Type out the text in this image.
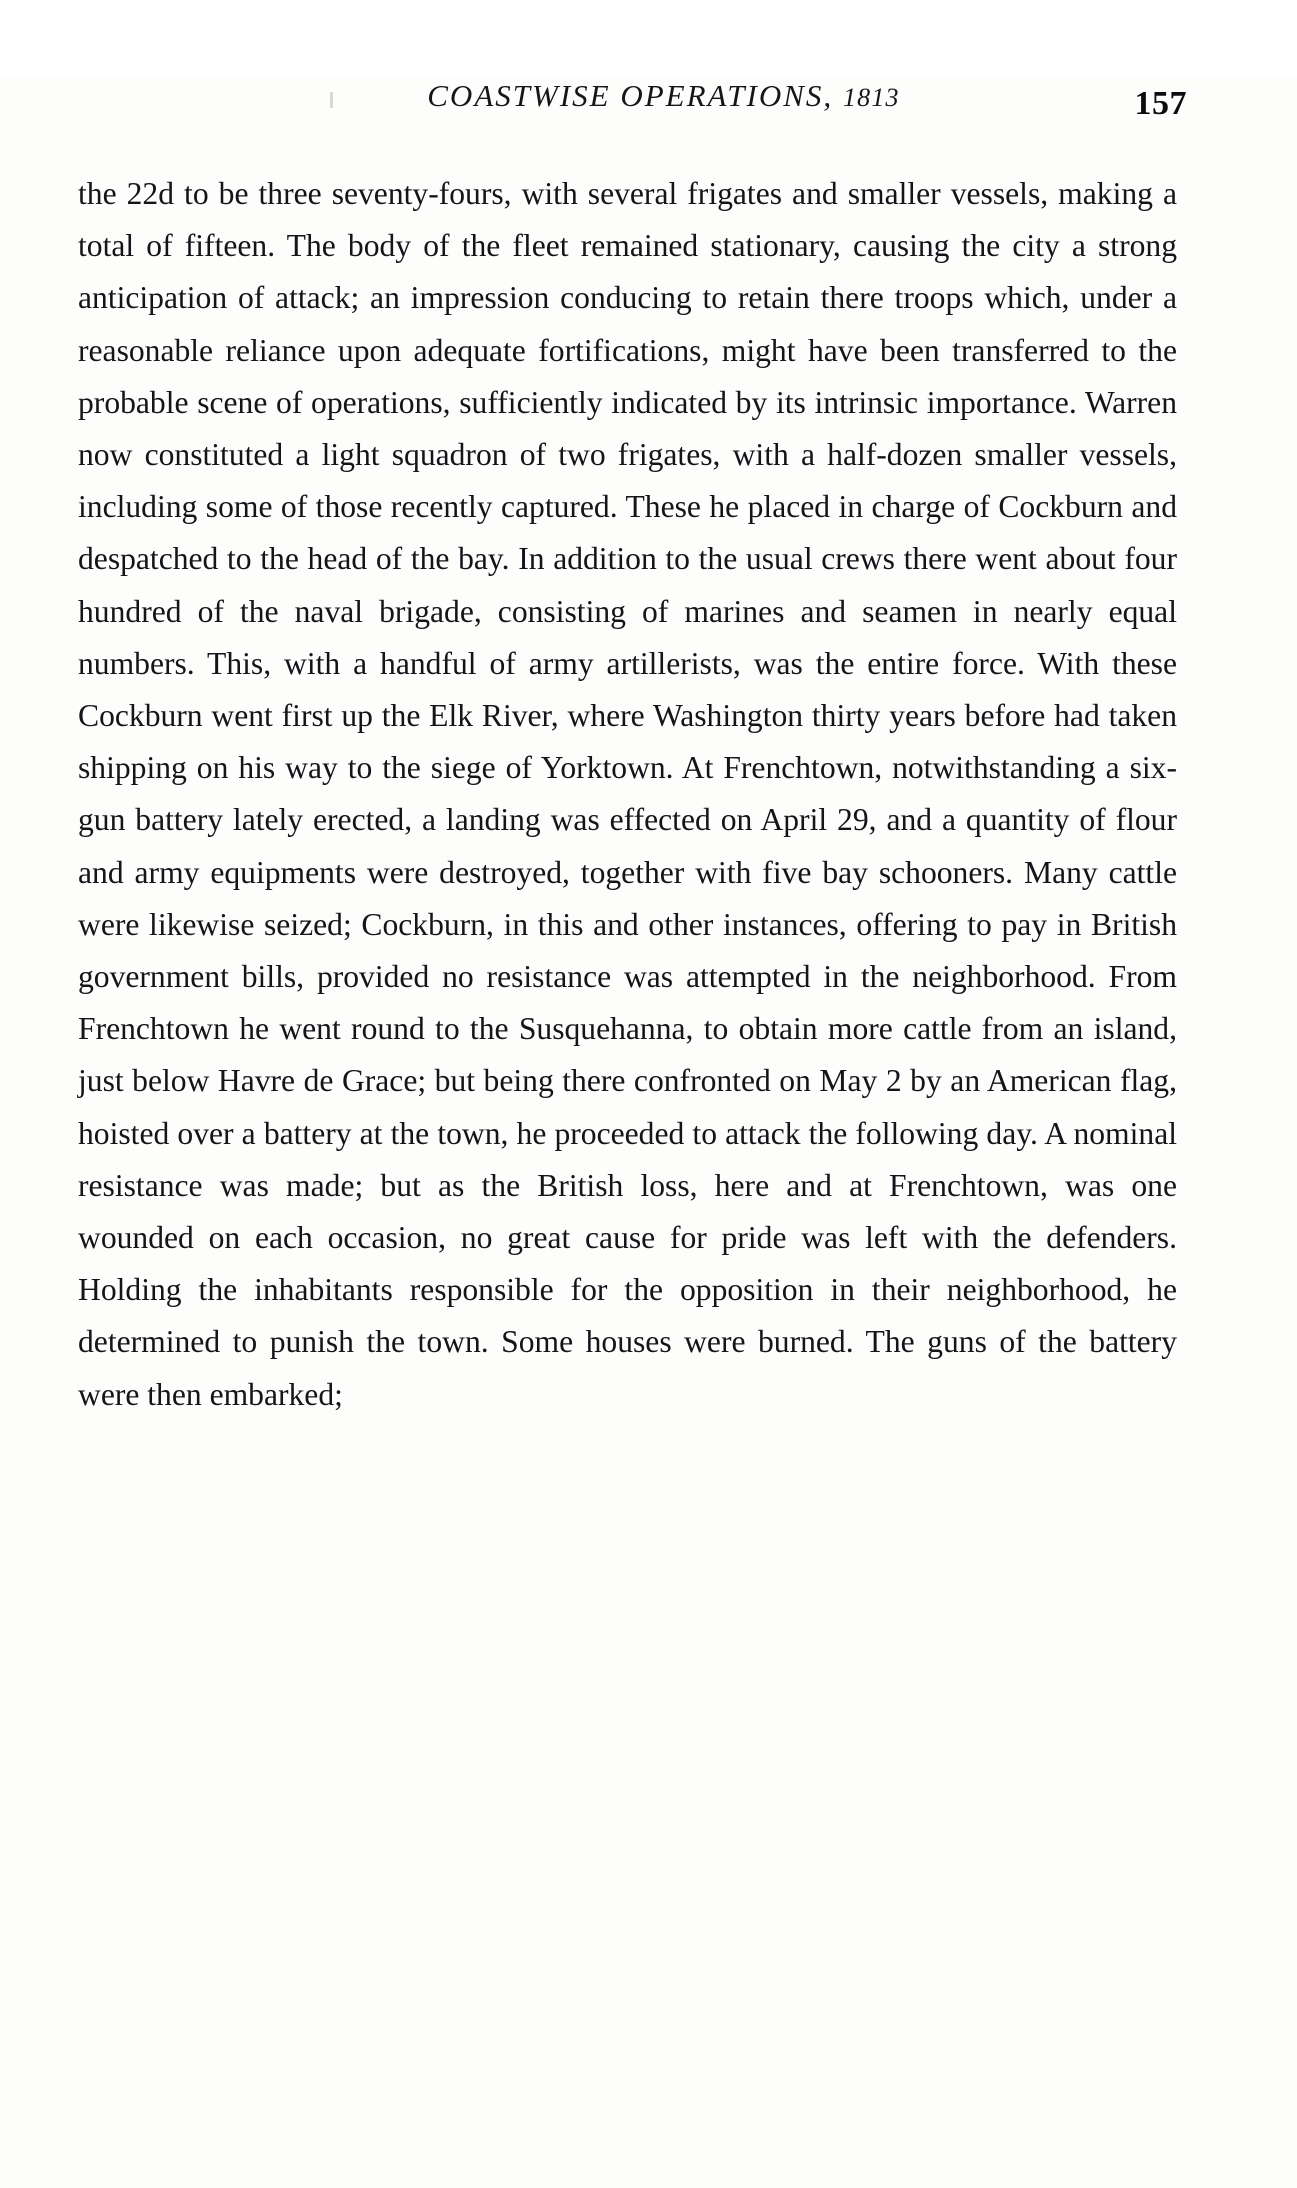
COASTWISE OPERATIONS, 1813	157

the 22d to be three seventy-fours, with several frigates and smaller vessels, making a total of fifteen. The body of the fleet remained stationary, causing the city a strong anticipation of attack; an impression conducing to retain there troops which, under a reasonable reliance upon adequate fortifications, might have been transferred to the probable scene of operations, sufficiently indicated by its intrinsic importance. Warren now constituted a light squadron of two frigates, with a half-dozen smaller vessels, including some of those recently captured. These he placed in charge of Cockburn and despatched to the head of the bay. In addition to the usual crews there went about four hundred of the naval brigade, consisting of marines and seamen in nearly equal numbers. This, with a handful of army artillerists, was the entire force. With these Cockburn went first up the Elk River, where Washington thirty years before had taken shipping on his way to the siege of Yorktown. At Frenchtown, notwithstanding a six-gun battery lately erected, a landing was effected on April 29, and a quantity of flour and army equipments were destroyed, together with five bay schooners. Many cattle were likewise seized; Cockburn, in this and other instances, offering to pay in British government bills, provided no resistance was attempted in the neighborhood. From Frenchtown he went round to the Susquehanna, to obtain more cattle from an island, just below Havre de Grace; but being there confronted on May 2 by an American flag, hoisted over a battery at the town, he proceeded to attack the following day. A nominal resistance was made; but as the British loss, here and at Frenchtown, was one wounded on each occasion, no great cause for pride was left with the defenders. Holding the inhabitants responsible for the opposition in their neighborhood, he determined to punish the town. Some houses were burned. The guns of the battery were then embarked;
